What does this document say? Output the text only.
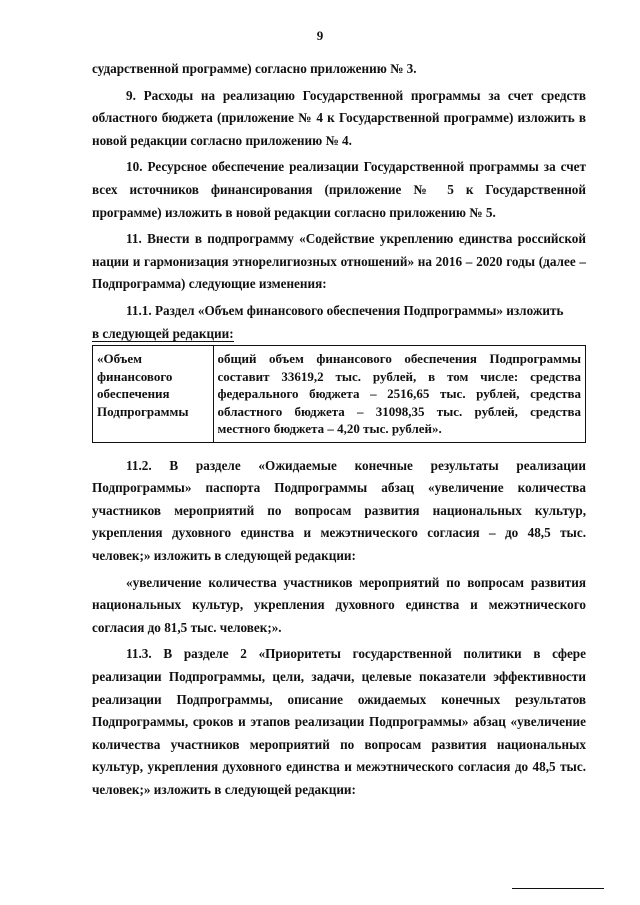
9

сударственной программе) согласно приложению № 3.

9. Расходы на реализацию Государственной программы за счет средств областного бюджета (приложение № 4 к Государственной программе) изложить в новой редакции согласно приложению № 4.

10. Ресурсное обеспечение реализации Государственной программы за счет всех источников финансирования (приложение № 5 к Государственной программе) изложить в новой редакции согласно приложению № 5.

11. Внести в подпрограмму «Содействие укреплению единства российской нации и гармонизация этнорелигиозных отношений» на 2016 – 2020 годы (далее – Подпрограмма) следующие изменения:

11.1. Раздел «Объем финансового обеспечения Подпрограммы» изложить

в следующей редакции:

«Объем финансового обеспечения Подпрограммы	общий объем финансового обеспечения Подпрограммы составит 33619,2 тыс. рублей, в том числе: средства федерального бюджета – 2516,65 тыс. рублей, средства областного бюджета – 31098,35 тыс. рублей, средства местного бюджета – 4,20 тыс. рублей».

11.2. В разделе «Ожидаемые конечные результаты реализации Подпрограммы» паспорта Подпрограммы абзац «увеличение количества участников мероприятий по вопросам развития национальных культур, укрепления духовного единства и межэтнического согласия – до 48,5 тыс. человек;» изложить в следующей редакции:

«увеличение количества участников мероприятий по вопросам развития национальных культур, укрепления духовного единства и межэтнического согласия до 81,5 тыс. человек;».

11.3. В разделе 2 «Приоритеты государственной политики в сфере реализации Подпрограммы, цели, задачи, целевые показатели эффективности реализации Подпрограммы, описание ожидаемых конечных результатов Подпрограммы, сроков и этапов реализации Подпрограммы» абзац «увеличение количества участников мероприятий по вопросам развития национальных культур, укрепления духовного единства и межэтнического согласия до 48,5 тыс. человек;» изложить в следующей редакции:
